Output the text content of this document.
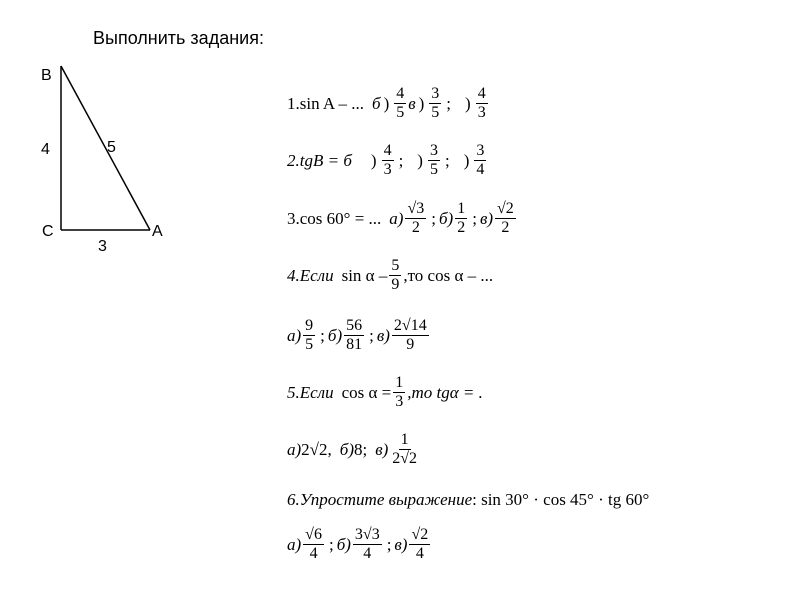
Выполнить задания:
B
C	A
4	5
3
1.sin A – ... б ) $\frac{4}{5}$ в ) $\frac{3}{5}$ ; ) $\frac{4}{3}$
2.tgB = б ) $\frac{4}{3}$ ; ) $\frac{3}{5}$ ; ) $\frac{3}{4}$
3.cos 60° = ... $а) \frac{√3}{2}$ ; $б) \frac{1}{2}$ ; $в) \frac{√2}{2}$
4.Если sin α – $\frac{5}{9} ,то$ cos α – ...
$а) \frac{9}{5}$ ; $б) \frac{56}{81}$ ; $в) \frac{2√14}{9}$
5.Если $\cos \alpha = \frac{1}{3} ,то$ tgα = .
а) 2√2, б) 8; $в) \frac{1}{2√2}$
6.Упростите выражение : sin 30° · cos 45° · tg 60°
$а) \frac{√6}{4}$ ; $б) \frac{3√3}{4}$ ; $в) \frac{√2}{4}$
